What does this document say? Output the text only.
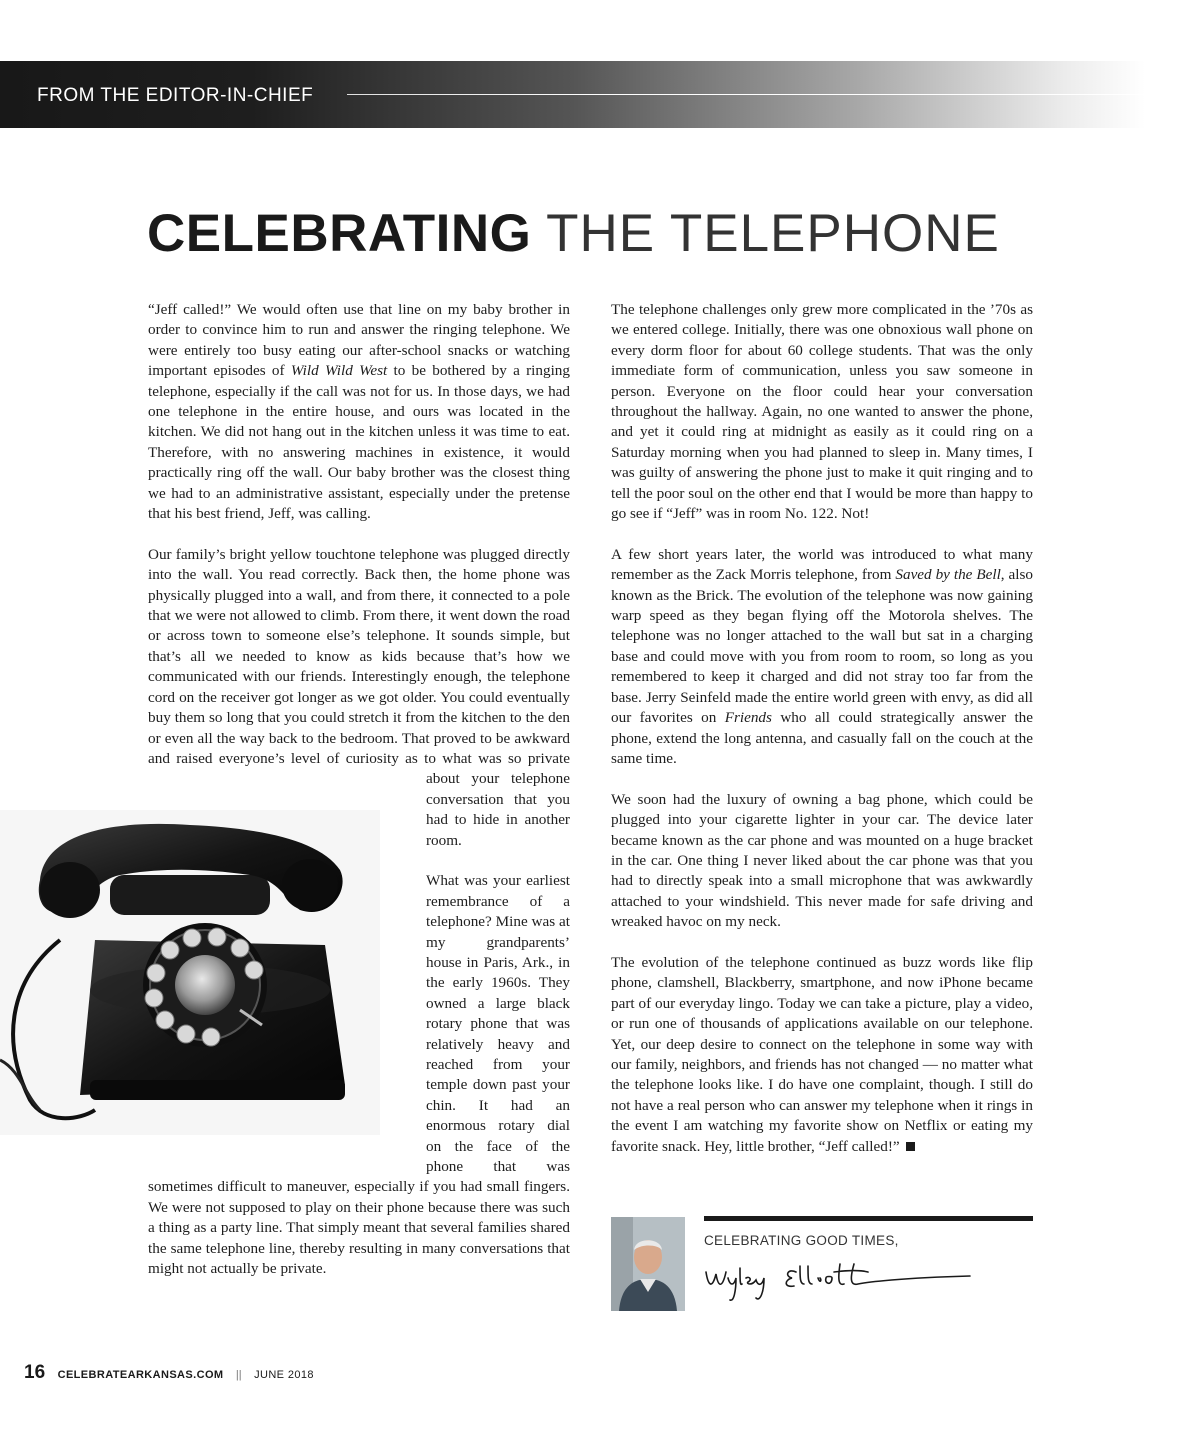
FROM THE EDITOR-IN-CHIEF
CELEBRATING THE TELEPHONE

“Jeff called!” We would often use that line on my baby brother in order to convince him to run and answer the ringing telephone. We were entirely too busy eating our after-school snacks or watching important episodes of Wild Wild West to be bothered by a ringing telephone, especially if the call was not for us. In those days, we had one telephone in the entire house, and ours was located in the kitchen. We did not hang out in the kitchen unless it was time to eat. Therefore, with no answering machines in existence, it would practically ring off the wall. Our baby brother was the closest thing we had to an administrative assistant, especially under the pretense that his best friend, Jeff, was calling.

Our family’s bright yellow touchtone telephone was plugged directly into the wall. You read correctly. Back then, the home phone was physically plugged into a wall, and from there, it connected to a pole that we were not allowed to climb. From there, it went down the road or across town to someone else’s telephone. It sounds simple, but that’s all we needed to know as kids because that’s how we communicated with our friends. Interestingly enough, the telephone cord on the receiver got longer as we got older. You could eventually buy them so long that you could stretch it from the kitchen to the den or even all the way back to the bedroom. That proved to be awkward and raised everyone’s level of curiosity as to what was so private about your telephone conversation that you had to hide in another room.

What was your earliest remembrance of a telephone? Mine was at my grandparents’ house in Paris, Ark., in the early 1960s. They owned a large black rotary phone that was relatively heavy and reached from your temple down past your chin. It had an enormous rotary dial on the face of the phone that was sometimes difficult to maneuver, especially if you had small fingers. We were not supposed to play on their phone because there was such a thing as a party line. That simply meant that several families shared the same telephone line, thereby resulting in many conversations that might not actually be private.

The telephone challenges only grew more complicated in the ’70s as we entered college. Initially, there was one obnoxious wall phone on every dorm floor for about 60 college students. That was the only immediate form of communication, unless you saw someone in person. Everyone on the floor could hear your conversation throughout the hallway. Again, no one wanted to answer the phone, and yet it could ring at midnight as easily as it could ring on a Saturday morning when you had planned to sleep in. Many times, I was guilty of answering the phone just to make it quit ringing and to tell the poor soul on the other end that I would be more than happy to go see if “Jeff” was in room No. 122. Not!

A few short years later, the world was introduced to what many remember as the Zack Morris telephone, from Saved by the Bell, also known as the Brick. The evolution of the telephone was now gaining warp speed as they began flying off the Motorola shelves. The telephone was no longer attached to the wall but sat in a charging base and could move with you from room to room, so long as you remembered to keep it charged and did not stray too far from the base. Jerry Seinfeld made the entire world green with envy, as did all our favorites on Friends who all could strategically answer the phone, extend the long antenna, and casually fall on the couch at the same time.

We soon had the luxury of owning a bag phone, which could be plugged into your cigarette lighter in your car. The device later became known as the car phone and was mounted on a huge bracket in the car. One thing I never liked about the car phone was that you had to directly speak into a small microphone that was awkwardly attached to your windshield. This never made for safe driving and wreaked havoc on my neck.

The evolution of the telephone continued as buzz words like flip phone, clamshell, Blackberry, smartphone, and now iPhone became part of our everyday lingo. Today we can take a picture, play a video, or run one of thousands of applications available on our telephone. Yet, our deep desire to connect on the telephone in some way with our family, neighbors, and friends has not changed — no matter what the telephone looks like. I do have one complaint, though. I still do not have a real person who can answer my telephone when it rings in the event I am watching my favorite show on Netflix or eating my favorite snack. Hey, little brother, “Jeff called!”

CELEBRATING GOOD TIMES,
16 CELEBRATEARKANSAS.COM || JUNE 2018
